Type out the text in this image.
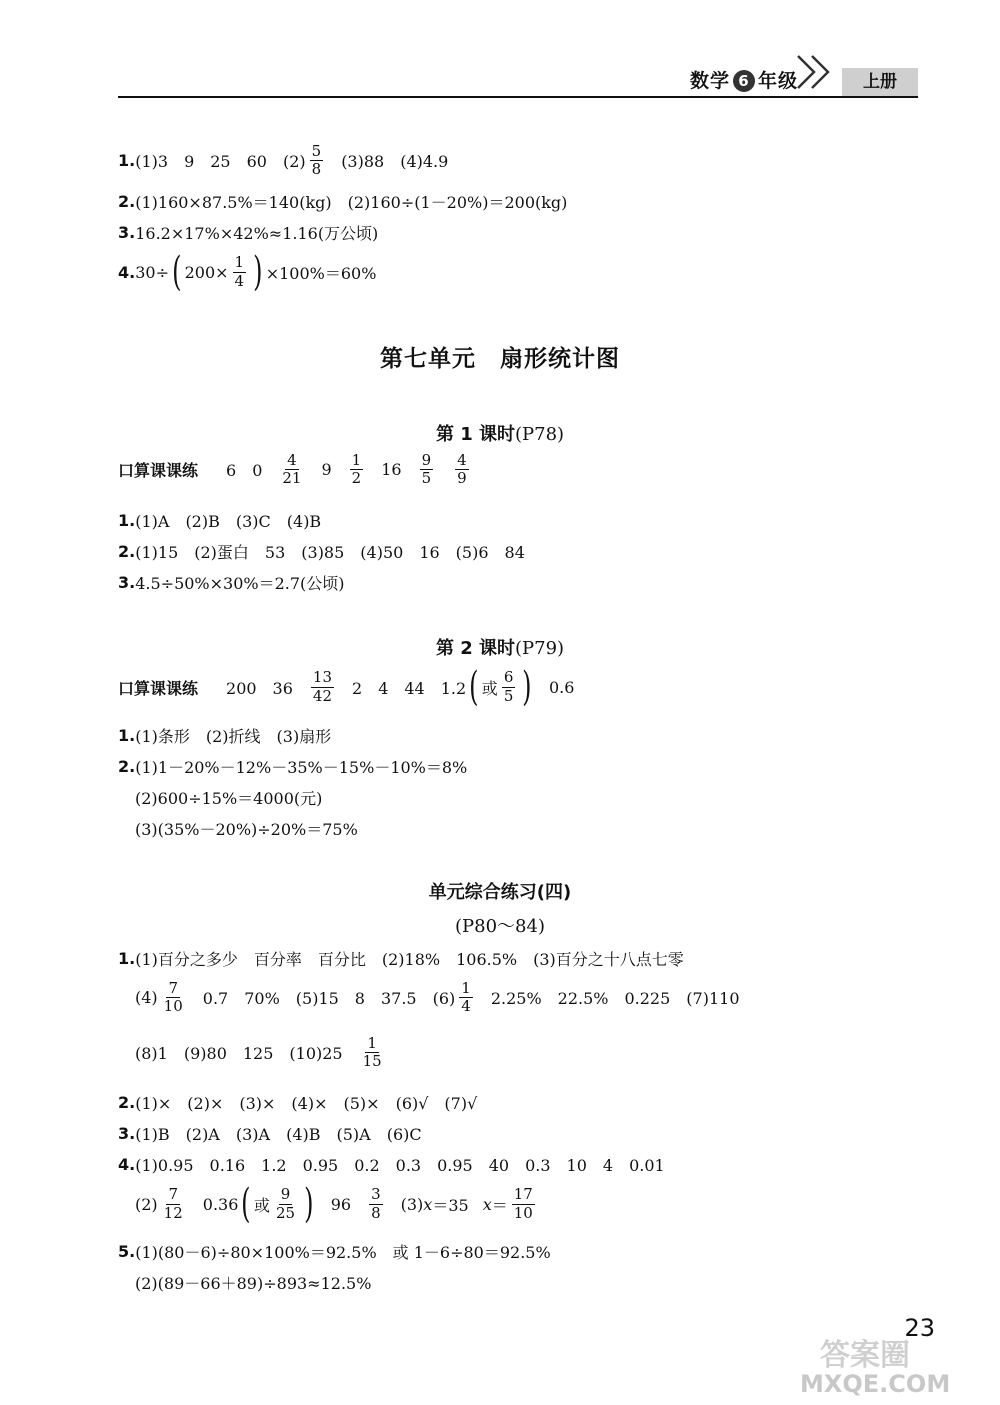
数学 6 年级	上册
1. (1)3　9　25　60　$(2) \frac{5}{8} (3)88$　(4)4.9
2. (1)160×87.5%＝140(kg)　(2)160÷(1－20%)＝200(kg)
3. 16.2×17%×42%≈1.16(万公顷)
4. 30÷ ( $200\times \frac{1}{4}$ ) ×100%＝60%
第七单元　扇形统计图
第 1 课时(P78)
口算课课练 6　$0 \frac{4}{21} 9 \frac{1}{2} 16 \frac{9}{5} \frac{4}{9}$
1. (1)A　(2)B　(3)C　(4)B
2. (1)15　(2)蛋白　53　(3)85　(4)50　16　(5)6　84
3. 4.5÷50%×30%＝2.7(公顷)
第 2 课时(P79)
口算课课练 200　$36 \frac{13}{42} 2$　4　44　1.2 ( 或 $\frac{6}{5}$ ) 0.6
1. (1)条形　(2)折线　(3)扇形
2. (1)1－20%－12%－35%－15%－10%＝8%
(2)600÷15%＝4000(元)
(3)(35%－20%)÷20%＝75%
单元综合练习(四)
(P80～84)
1. (1)百分之多少　百分率　百分比　(2)18%　106.5%　(3)百分之十八点七零
$(4) \frac{7}{10} 0.7$　70%　(5)15　8　37.5　$(6) \frac{1}{4} 2.25\%$　22.5%　0.225　(7)110
(8)1　(9)80　125　$(10)25 \frac{1}{15}$
2. (1)×　(2)×　(3)×　(4)×　(5)×　(6)√　(7)√
3. (1)B　(2)A　(3)A　(4)B　(5)A　(6)C
4. (1)0.95　0.16　1.2　0.95　0.2　0.3　0.95　40　0.3　10　4　0.01
$(2) \frac{7}{12} 0.36$ ( 或 $\frac{9}{25}$ ) $96 \frac{3}{8} (3)$ x ＝35 $x = \frac{17}{10}$
5. (1)(80－6)÷80×100%＝92.5%　或 1－6÷80＝92.5%
(2)(89－66＋89)÷893≈12.5%
23
答案圈
MXQE.COM
